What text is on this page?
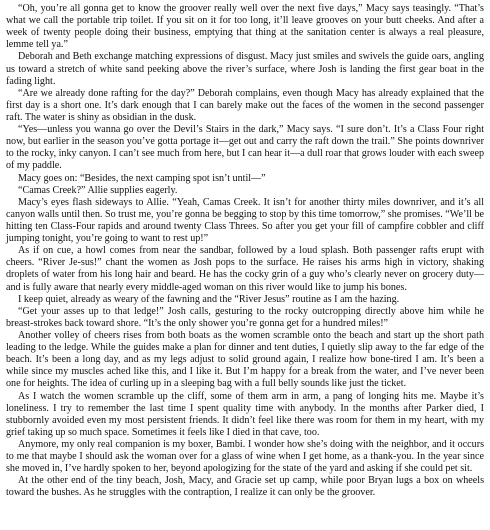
“Oh, you’re all gonna get to know the groover really well over the next five days,” Macy says teasingly. “That’s what we call the portable trip toilet. If you sit on it for too long, it’ll leave grooves on your butt cheeks. And after a week of twenty people doing their business, emptying that thing at the sanitation center is always a real pleasure, lemme tell ya.”

Deborah and Beth exchange matching expressions of disgust. Macy just smiles and swivels the guide oars, angling us toward a stretch of white sand peeking above the river’s surface, where Josh is landing the first gear boat in the fading light.

“Are we already done rafting for the day?” Deborah complains, even though Macy has already explained that the first day is a short one. It’s dark enough that I can barely make out the faces of the women in the second passenger raft. The water is shiny as obsidian in the dusk.

“Yes—unless you wanna go over the Devil’s Stairs in the dark,” Macy says. “I sure don’t. It’s a Class Four right now, but earlier in the season you’ve gotta portage it—get out and carry the raft down the trail.” She points downriver to the rocky, inky canyon. I can’t see much from here, but I can hear it—a dull roar that grows louder with each sweep of my paddle.

Macy goes on: “Besides, the next camping spot isn’t until—”

“Camas Creek?” Allie supplies eagerly.

Macy’s eyes flash sideways to Allie. “Yeah, Camas Creek. It isn’t for another thirty miles downriver, and it’s all canyon walls until then. So trust me, you’re gonna be begging to stop by this time tomorrow,” she promises. “We’ll be hitting ten Class-Four rapids and around twenty Class Threes. So after you get your fill of campfire cobbler and cliff jumping tonight, you’re going to want to rest up!”

As if on cue, a howl comes from near the sandbar, followed by a loud splash. Both passenger rafts erupt with cheers. “River Je-sus!” chant the women as Josh pops to the surface. He raises his arms high in victory, shaking droplets of water from his long hair and beard. He has the cocky grin of a guy who’s clearly never on grocery duty—and is fully aware that nearly every middle-aged woman on this river would like to jump his bones.

I keep quiet, already as weary of the fawning and the “River Jesus” routine as I am the hazing.

“Get your asses up to that ledge!” Josh calls, gesturing to the rocky outcropping directly above him while he breast-strokes back toward shore. “It’s the only shower you’re gonna get for a hundred miles!”

Another volley of cheers rises from both boats as the women scramble onto the beach and start up the short path leading to the ledge. While the guides make a plan for dinner and tent duties, I quietly slip away to the far edge of the beach. It’s been a long day, and as my legs adjust to solid ground again, I realize how bone-tired I am. It’s been a while since my muscles ached like this, and I like it. But I’m happy for a break from the water, and I’ve never been one for heights. The idea of curling up in a sleeping bag with a full belly sounds like just the ticket.

As I watch the women scramble up the cliff, some of them arm in arm, a pang of longing hits me. Maybe it’s loneliness. I try to remember the last time I spent quality time with anybody. In the months after Parker died, I stubbornly avoided even my most persistent friends. It didn’t feel like there was room for them in my heart, with my grief taking up so much space. Sometimes it feels like I died in that cave, too.

Anymore, my only real companion is my boxer, Bambi. I wonder how she’s doing with the neighbor, and it occurs to me that maybe I should ask the woman over for a glass of wine when I get home, as a thank-you. In the year since she moved in, I’ve hardly spoken to her, beyond apologizing for the state of the yard and asking if she could pet sit.

At the other end of the tiny beach, Josh, Macy, and Gracie set up camp, while poor Bryan lugs a box on wheels toward the bushes. As he struggles with the contraption, I realize it can only be the groover.
